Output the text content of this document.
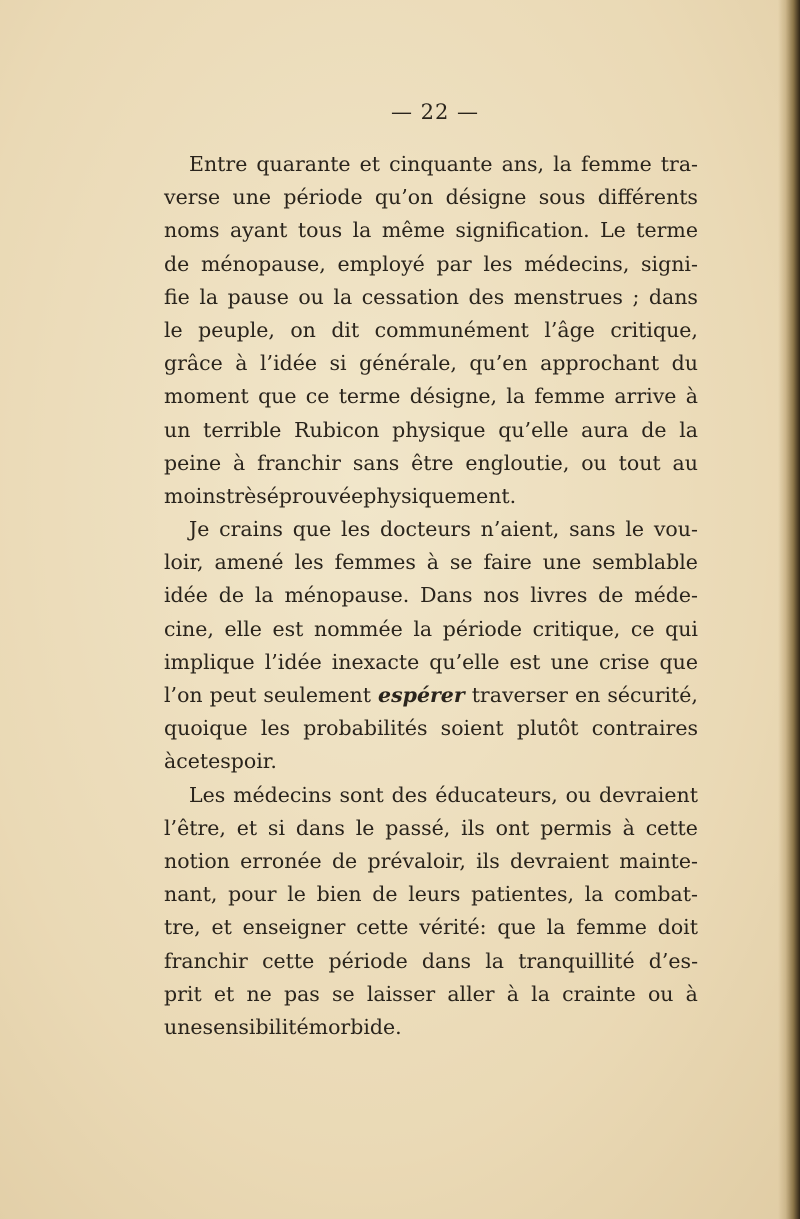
— 22 —
Entre quarante et cinquante ans, la femme tra-
verse une période qu’on désigne sous différents
noms ayant tous la même signification. Le terme
de ménopause, employé par les médecins, signi-
fie la pause ou la cessation des menstrues ; dans
le peuple, on dit communément l’âge critique,
grâce à l’idée si générale, qu’en approchant du
moment que ce terme désigne, la femme arrive à
un terrible Rubicon physique qu’elle aura de la
peine à franchir sans être engloutie, ou tout au
moins très éprouvée physiquement.
Je crains que les docteurs n’aient, sans le vou-
loir, amené les femmes à se faire une semblable
idée de la ménopause. Dans nos livres de méde-
cine, elle est nommée la période critique, ce qui
implique l’idée inexacte qu’elle est une crise que
l’on peut seulement espérer traverser en sécurité,
quoique les probabilités soient plutôt contraires
à cet espoir.
Les médecins sont des éducateurs, ou devraient
l’être, et si dans le passé, ils ont permis à cette
notion erronée de prévaloir, ils devraient mainte-
nant, pour le bien de leurs patientes, la combat-
tre, et enseigner cette vérité: que la femme doit
franchir cette période dans la tranquillité d’es-
prit et ne pas se laisser aller à la crainte ou à
une sensibilité morbide.
